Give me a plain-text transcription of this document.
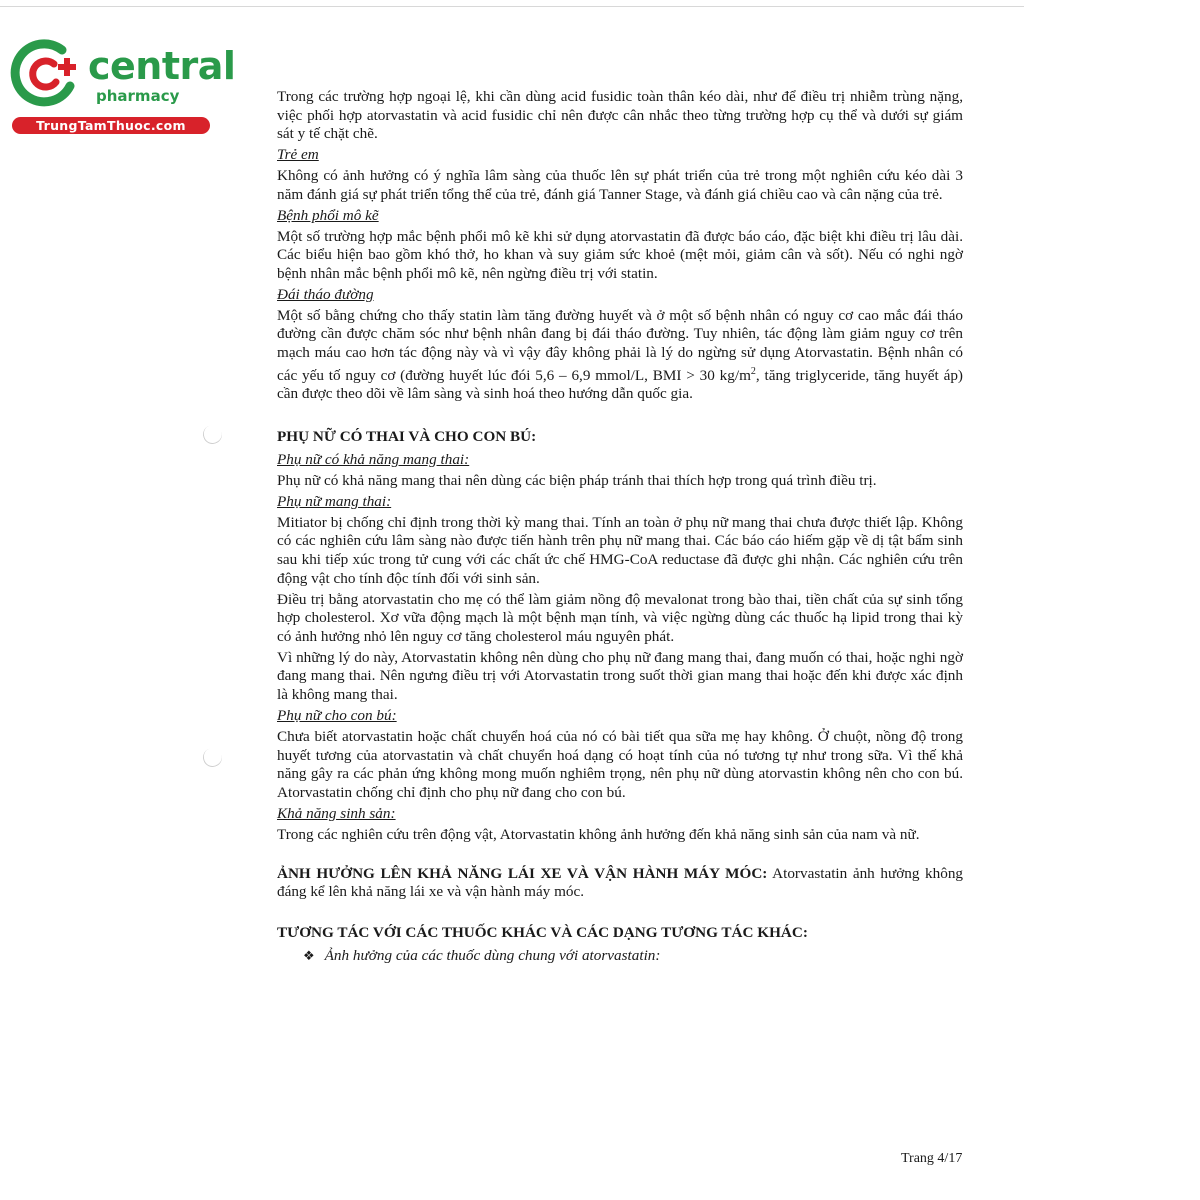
central
pharmacy
TrungTamThuoc.com

Trong các trường hợp ngoại lệ, khi cần dùng acid fusidic toàn thân kéo dài, như để điều trị nhiễm trùng nặng, việc phối hợp atorvastatin và acid fusidic chỉ nên được cân nhắc theo từng trường hợp cụ thể và dưới sự giám sát y tế chặt chẽ.

Trẻ em

Không có ảnh hưởng có ý nghĩa lâm sàng của thuốc lên sự phát triển của trẻ trong một nghiên cứu kéo dài 3 năm đánh giá sự phát triển tổng thể của trẻ, đánh giá Tanner Stage, và đánh giá chiều cao và cân nặng của trẻ.

Bệnh phổi mô kẽ

Một số trường hợp mắc bệnh phổi mô kẽ khi sử dụng atorvastatin đã được báo cáo, đặc biệt khi điều trị lâu dài. Các biểu hiện bao gồm khó thở, ho khan và suy giảm sức khoẻ (mệt mỏi, giảm cân và sốt). Nếu có nghi ngờ bệnh nhân mắc bệnh phổi mô kẽ, nên ngừng điều trị với statin.

Đái tháo đường

Một số bằng chứng cho thấy statin làm tăng đường huyết và ở một số bệnh nhân có nguy cơ cao mắc đái tháo đường cần được chăm sóc như bệnh nhân đang bị đái tháo đường. Tuy nhiên, tác động làm giảm nguy cơ trên mạch máu cao hơn tác động này và vì vậy đây không phải là lý do ngừng sử dụng Atorvastatin. Bệnh nhân có các yếu tố nguy cơ (đường huyết lúc đói 5,6 – 6,9 mmol/L, BMI > 30 $kg/m^2$, tăng triglyceride, tăng huyết áp) cần được theo dõi về lâm sàng và sinh hoá theo hướng dẫn quốc gia.

PHỤ NỮ CÓ THAI VÀ CHO CON BÚ:

Phụ nữ có khả năng mang thai:

Phụ nữ có khả năng mang thai nên dùng các biện pháp tránh thai thích hợp trong quá trình điều trị.

Phụ nữ mang thai:

Mitiator bị chống chỉ định trong thời kỳ mang thai. Tính an toàn ở phụ nữ mang thai chưa được thiết lập. Không có các nghiên cứu lâm sàng nào được tiến hành trên phụ nữ mang thai. Các báo cáo hiếm gặp về dị tật bẩm sinh sau khi tiếp xúc trong tử cung với các chất ức chế HMG-CoA reductase đã được ghi nhận. Các nghiên cứu trên động vật cho tính độc tính đối với sinh sản.

Điều trị bằng atorvastatin cho mẹ có thể làm giảm nồng độ mevalonat trong bào thai, tiền chất của sự sinh tổng hợp cholesterol. Xơ vữa động mạch là một bệnh mạn tính, và việc ngừng dùng các thuốc hạ lipid trong thai kỳ có ảnh hưởng nhỏ lên nguy cơ tăng cholesterol máu nguyên phát.

Vì những lý do này, Atorvastatin không nên dùng cho phụ nữ đang mang thai, đang muốn có thai, hoặc nghi ngờ đang mang thai. Nên ngưng điều trị với Atorvastatin trong suốt thời gian mang thai hoặc đến khi được xác định là không mang thai.

Phụ nữ cho con bú:

Chưa biết atorvastatin hoặc chất chuyển hoá của nó có bài tiết qua sữa mẹ hay không. Ở chuột, nồng độ trong huyết tương của atorvastatin và chất chuyển hoá dạng có hoạt tính của nó tương tự như trong sữa. Vì thế khả năng gây ra các phản ứng không mong muốn nghiêm trọng, nên phụ nữ dùng atorvastin không nên cho con bú. Atorvastatin chống chỉ định cho phụ nữ đang cho con bú.

Khả năng sinh sản:

Trong các nghiên cứu trên động vật, Atorvastatin không ảnh hưởng đến khả năng sinh sản của nam và nữ.

ẢNH HƯỞNG LÊN KHẢ NĂNG LÁI XE VÀ VẬN HÀNH MÁY MÓC: Atorvastatin ảnh hưởng không đáng kể lên khả năng lái xe và vận hành máy móc.

TƯƠNG TÁC VỚI CÁC THUỐC KHÁC VÀ CÁC DẠNG TƯƠNG TÁC KHÁC:

❖ Ảnh hưởng của các thuốc dùng chung với atorvastatin:

Trang 4/17
